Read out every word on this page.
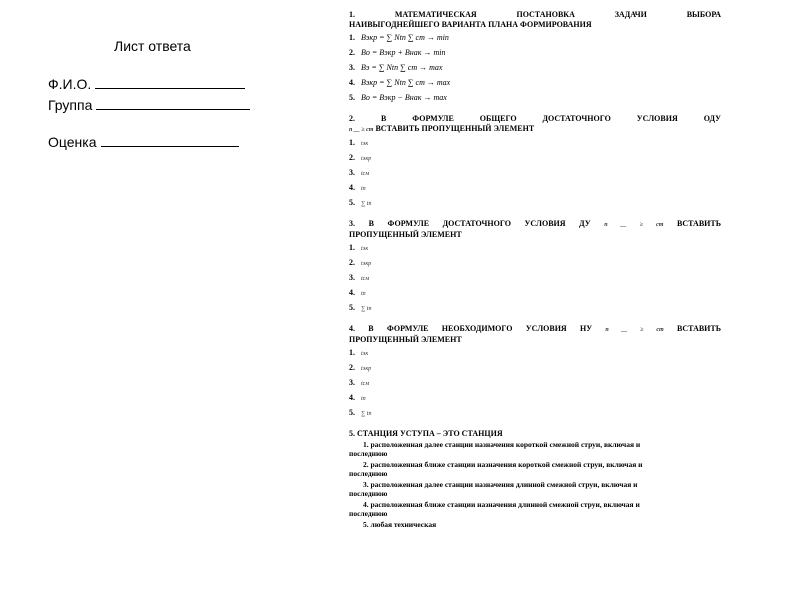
Лист ответа
Ф.И.О.
Группа
Оценка
1. МАТЕМАТИЧЕСКАЯ ПОСТАНОВКА ЗАДАЧИ ВЫБОРА
НАИВЫГОДНЕЙШЕГО ВАРИАНТА ПЛАНА ФОРМИРОВАНИЯ
1. Bэкр = ∑ Ntn ∑ cm → min
2. Bо = Bэкр + Bнак → min
3. Bэ = ∑ Ntn ∑ cm → max
4. Bэкр = ∑ Ntn ∑ cm → max
5. Bо = Bэкр − Bнак → max
2. В ФОРМУЛЕ ОБЩЕГО ДОСТАТОЧНОГО УСЛОВИЯ ОДУ
n __ ≥ cm ВСТАВИТЬ ПРОПУЩЕННЫЙ ЭЛЕМЕНТ
1. tэк
2. tэкр
3. tсм
4. tn
5. ∑ tn
3. В ФОРМУЛЕ ДОСТАТОЧНОГО УСЛОВИЯ ДУ n __ ≥ cm ВСТАВИТЬ
ПРОПУЩЕННЫЙ ЭЛЕМЕНТ
1. tэк
2. tэкр
3. tсм
4. tn
5. ∑ tn
4. В ФОРМУЛЕ НЕОБХОДИМОГО УСЛОВИЯ НУ n __ ≥ cm ВСТАВИТЬ
ПРОПУЩЕННЫЙ ЭЛЕМЕНТ
1. tэк
2. tэкр
3. tсм
4. tn
5. ∑ tn
5. СТАНЦИЯ УСТУПА – ЭТО СТАНЦИЯ
1. расположенная далее станции назначения короткой смежной струи, включая и
последнюю
2. расположенная ближе станции назначения короткой смежной струи, включая и
последнюю
3. расположенная далее станции назначения длинной смежной струи, включая и
последнюю
4. расположенная ближе станции назначения длинной смежной струи, включая и
последнюю
5. любая техническая
